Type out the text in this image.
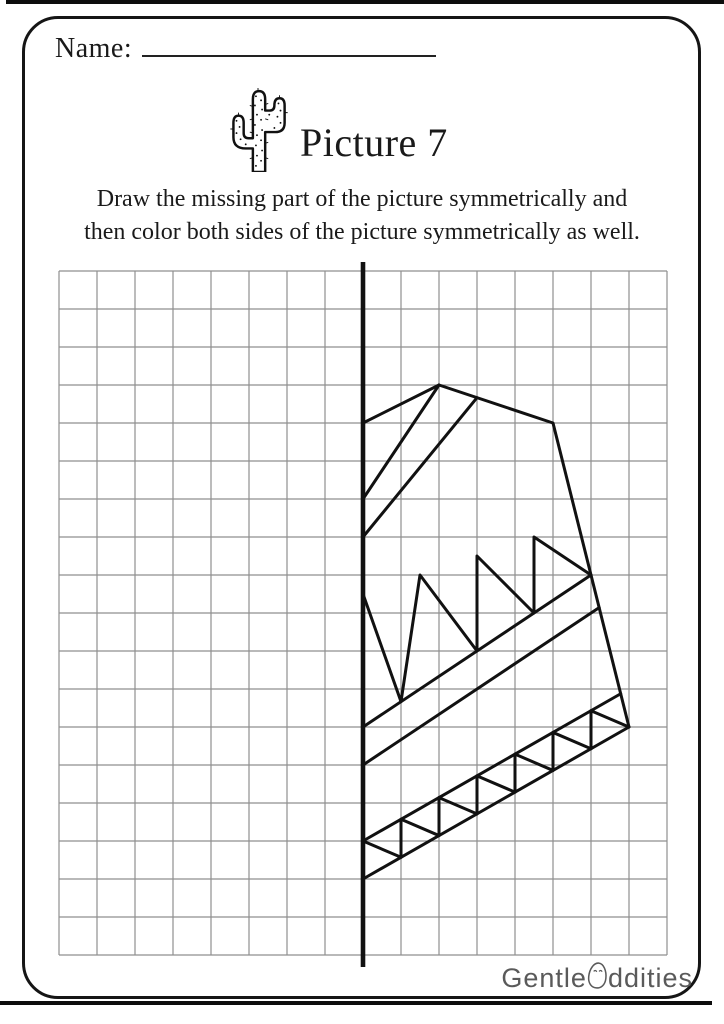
Name:
Picture 7
Draw the missing part of the picture symmetrically and
then color both sides of the picture symmetrically as well.
Gentle ddities
